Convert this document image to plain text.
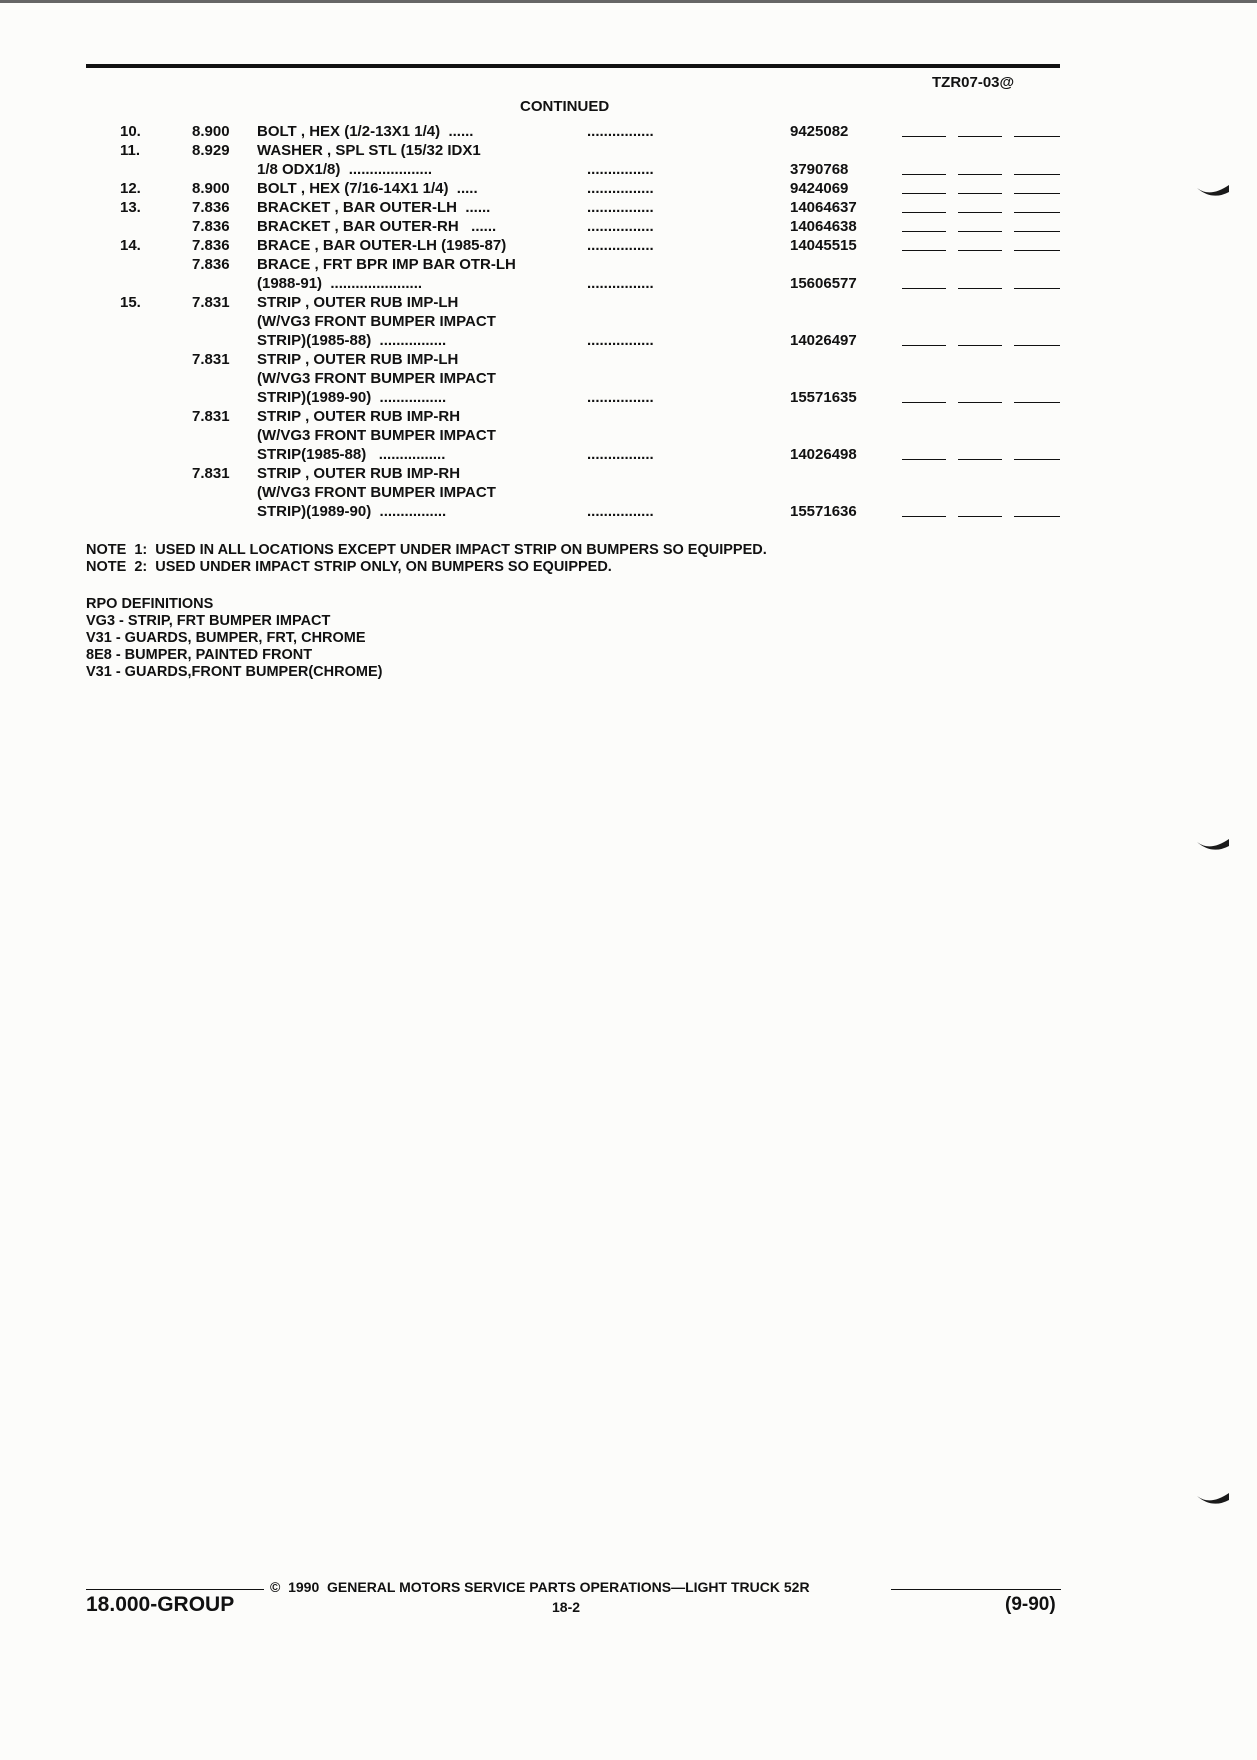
TZR07-03@
CONTINUED
10.	8.900 BOLT , HEX (1/2-13X1 1/4)  ......	................	9425082
11.	8.929 WASHER , SPL STL (15/32 IDX1
1/8 ODX1/8)  ....................	................	3790768
12.	8.900 BOLT , HEX (7/16-14X1 1/4)  .....	................	9424069
13.	7.836 BRACKET , BAR OUTER-LH  ......	................	14064637
7.836 BRACKET , BAR OUTER-RH   ......	................	14064638
14.	7.836 BRACE , BAR OUTER-LH (1985-87)	................	14045515
7.836 BRACE , FRT BPR IMP BAR OTR-LH
(1988-91)  ......................	................	15606577
15.	7.831 STRIP , OUTER RUB IMP-LH
(W/VG3 FRONT BUMPER IMPACT
STRIP)(1985-88)  ................	................	14026497
7.831 STRIP , OUTER RUB IMP-LH
(W/VG3 FRONT BUMPER IMPACT
STRIP)(1989-90)  ................	................	15571635
7.831 STRIP , OUTER RUB IMP-RH
(W/VG3 FRONT BUMPER IMPACT
STRIP(1985-88)   ................	................	14026498
7.831 STRIP , OUTER RUB IMP-RH
(W/VG3 FRONT BUMPER IMPACT
STRIP)(1989-90)  ................	................	15571636
NOTE  1:  USED IN ALL LOCATIONS EXCEPT UNDER IMPACT STRIP ON BUMPERS SO EQUIPPED.
NOTE  2:  USED UNDER IMPACT STRIP ONLY, ON BUMPERS SO EQUIPPED.
RPO DEFINITIONS
VG3 - STRIP, FRT BUMPER IMPACT
V31 - GUARDS, BUMPER, FRT, CHROME
8E8 - BUMPER, PAINTED FRONT
V31 - GUARDS,FRONT BUMPER(CHROME)
©  1990  GENERAL MOTORS SERVICE PARTS OPERATIONS—LIGHT TRUCK 52R
18.000-GROUP	18-2	(9-90)
